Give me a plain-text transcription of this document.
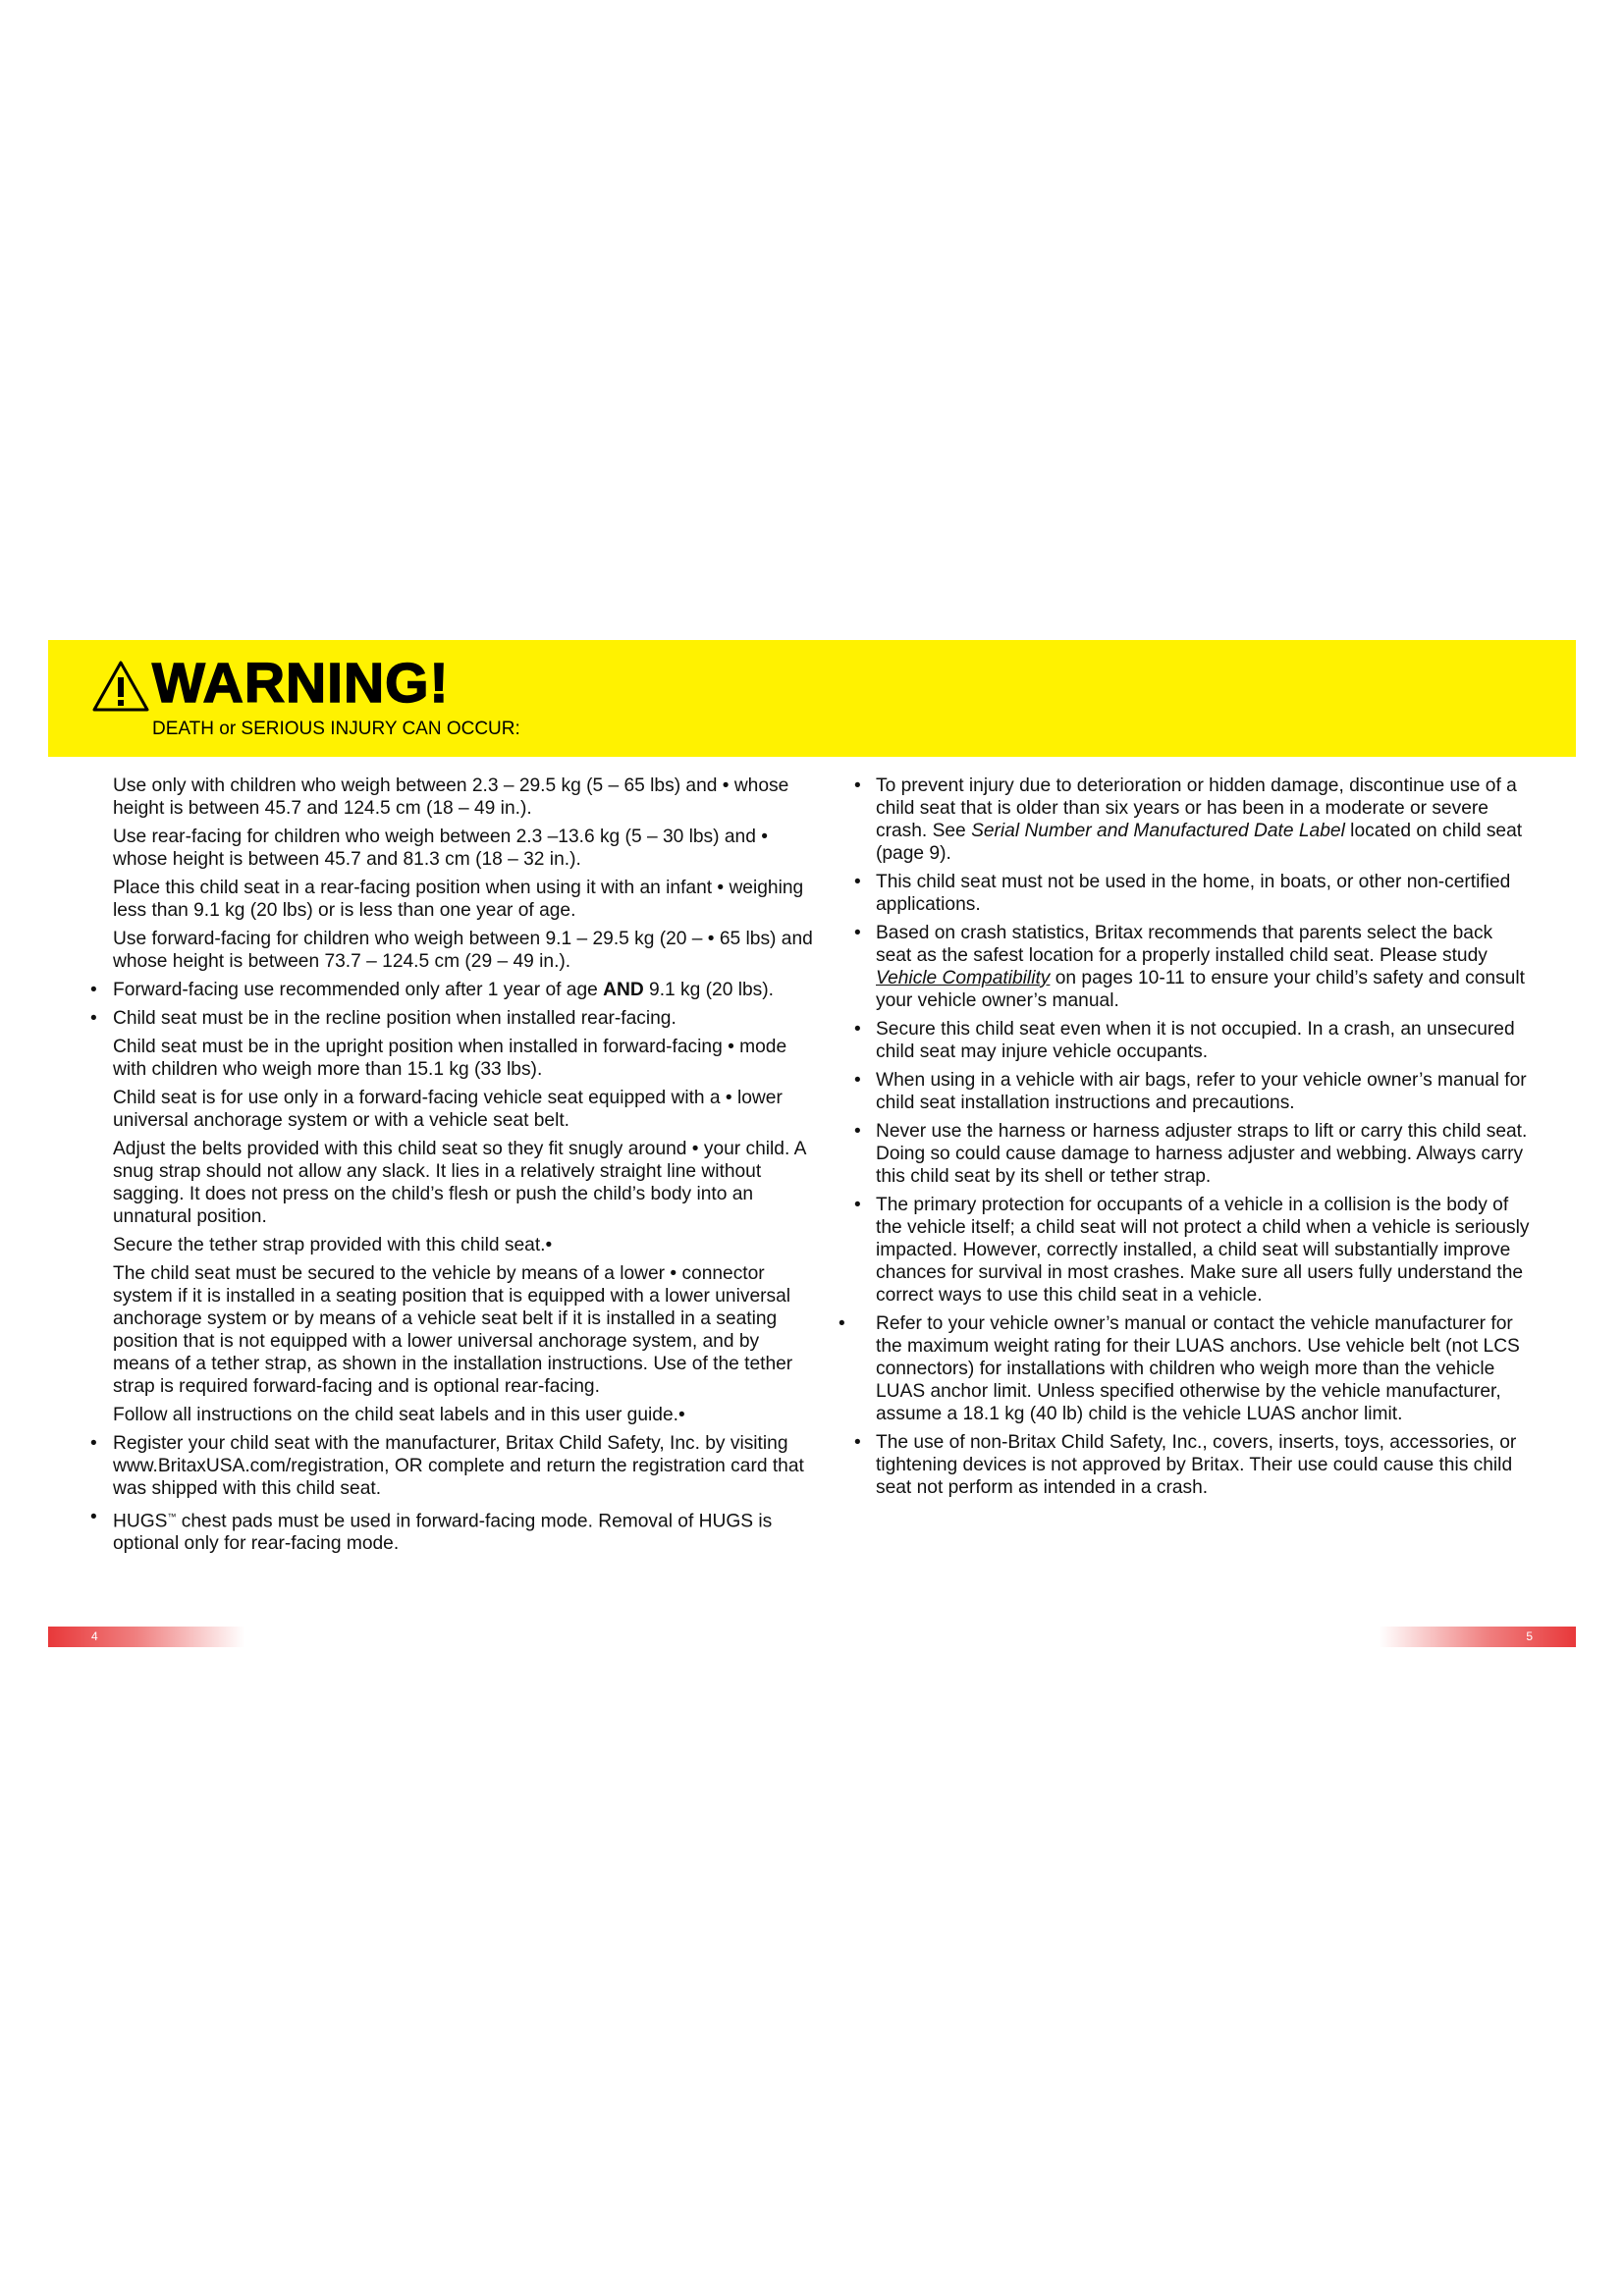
WARNING!
DEATH or SERIOUS INJURY CAN OCCUR:
Use only with children who weigh between 2.3 – 29.5 kg (5 – 65 lbs) and • whose height is between 45.7 and 124.5 cm (18 – 49 in.).
Use rear-facing for children who weigh between 2.3 –13.6 kg (5 – 30 lbs) and • whose height is between 45.7 and 81.3 cm (18 – 32 in.).
Place this child seat in a rear-facing position when using it with an infant • weighing less than 9.1 kg (20 lbs) or is less than one year of age.
Use forward-facing for children who weigh between 9.1 – 29.5 kg (20 – • 65 lbs) and whose height is between 73.7 – 124.5 cm (29 – 49 in.).
• Forward-facing use recommended only after 1 year of age AND 9.1 kg (20 lbs).
• Child seat must be in the recline position when installed rear-facing.
Child seat must be in the upright position when installed in forward-facing • mode with children who weigh more than 15.1 kg (33 lbs).
Child seat is for use only in a forward-facing vehicle seat equipped with a • lower universal anchorage system or with a vehicle seat belt.
Adjust the belts provided with this child seat so they fit snugly around • your child. A snug strap should not allow any slack. It lies in a relatively straight line without sagging. It does not press on the child’s flesh or push the child’s body into an unnatural position.
Secure the tether strap provided with this child seat.•
The child seat must be secured to the vehicle by means of a lower • connector system if it is installed in a seating position that is equipped with a lower universal anchorage system or by means of a vehicle seat belt if it is installed in a seating position that is not equipped with a lower universal anchorage system, and by means of a tether strap, as shown in the installation instructions. Use of the tether strap is required forward-facing and is optional rear-facing.
Follow all instructions on the child seat labels and in this user guide.•
• Register your child seat with the manufacturer, Britax Child Safety, Inc. by visiting www.BritaxUSA.com/registration, OR complete and return the registration card that was shipped with this child seat.
• HUGS™ chest pads must be used in forward-facing mode. Removal of HUGS is optional only for rear-facing mode.
• To prevent injury due to deterioration or hidden damage, discontinue use of a child seat that is older than six years or has been in a moderate or severe crash. See Serial Number and Manufactured Date Label located on child seat (page 9).
• This child seat must not be used in the home, in boats, or other non-certified applications.
• Based on crash statistics, Britax recommends that parents select the back seat as the safest location for a properly installed child seat. Please study Vehicle Compatibility on pages 10-11 to ensure your child’s safety and consult your vehicle owner’s manual.
• Secure this child seat even when it is not occupied. In a crash, an unsecured child seat may injure vehicle occupants.
• When using in a vehicle with air bags, refer to your vehicle owner’s manual for child seat installation instructions and precautions.
• Never use the harness or harness adjuster straps to lift or carry this child seat. Doing so could cause damage to harness adjuster and webbing. Always carry this child seat by its shell or tether strap.
• The primary protection for occupants of a vehicle in a collision is the body of the vehicle itself; a child seat will not protect a child when a vehicle is seriously impacted. However, correctly installed, a child seat will substantially improve chances for survival in most crashes. Make sure all users fully understand the correct ways to use this child seat in a vehicle.
• Refer to your vehicle owner’s manual or contact the vehicle manufacturer for the maximum weight rating for their LUAS anchors. Use vehicle belt (not LCS connectors) for installations with children who weigh more than the vehicle LUAS anchor limit. Unless specified otherwise by the vehicle manufacturer, assume a 18.1 kg (40 lb) child is the vehicle LUAS anchor limit.
• The use of non-Britax Child Safety, Inc., covers, inserts, toys, accessories, or tightening devices is not approved by Britax. Their use could cause this child seat not perform as intended in a crash.
4	5
